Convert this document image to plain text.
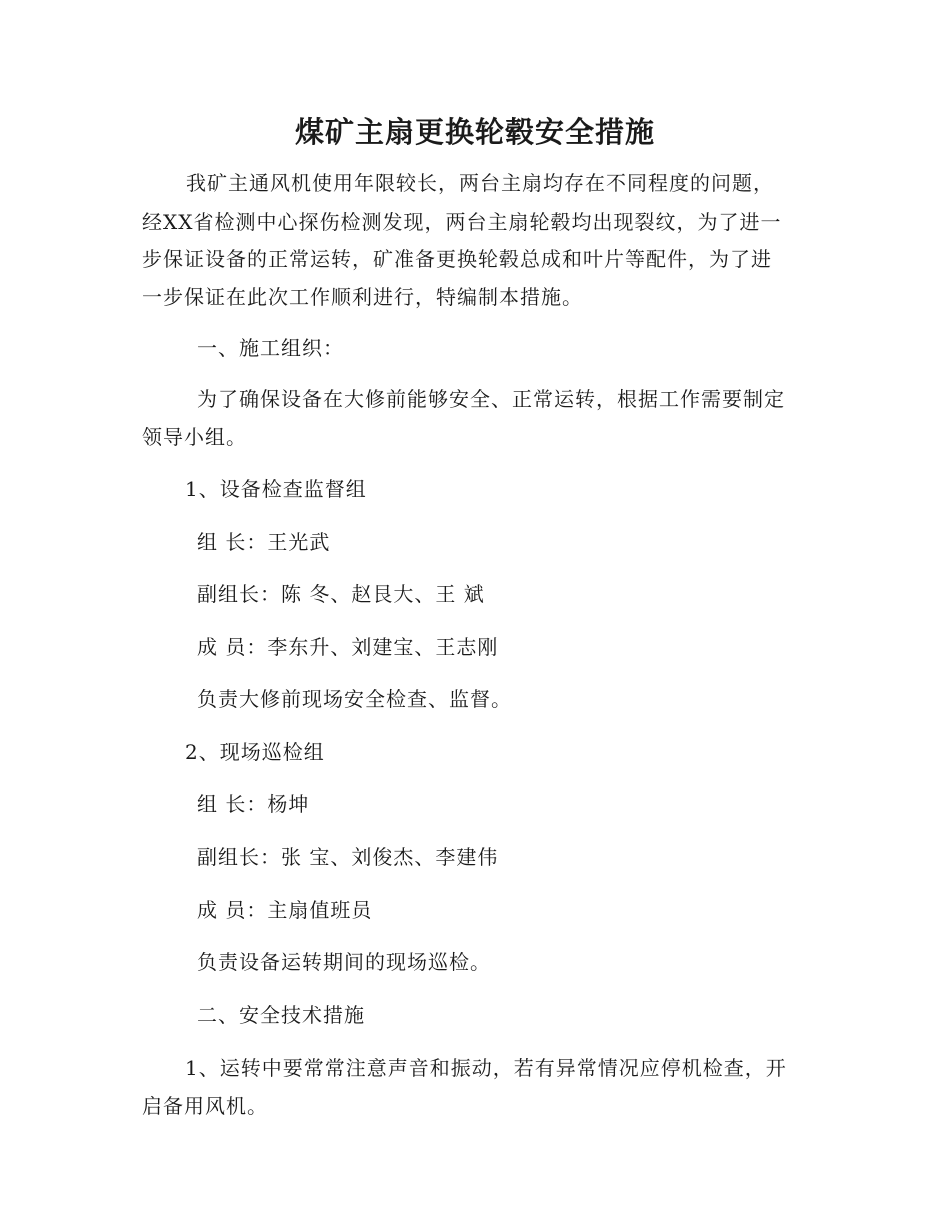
煤矿主扇更换轮毂安全措施
我矿主通风机使用年限较长，两台主扇均存在不同程度的问题，
经XX省检测中心探伤检测发现，两台主扇轮毂均出现裂纹，为了进一
步保证设备的正常运转，矿准备更换轮毂总成和叶片等配件，为了进
一步保证在此次工作顺利进行，特编制本措施。
一、施工组织：
为了确保设备在大修前能够安全、正常运转，根据工作需要制定
领导小组。
1、设备检查监督组
组 长：王光武
副组长：陈 冬、赵艮大、王 斌
成 员：李东升、刘建宝、王志刚
负责大修前现场安全检查、监督。
2、现场巡检组
组 长：杨坤
副组长：张 宝、刘俊杰、李建伟
成 员：主扇值班员
负责设备运转期间的现场巡检。
二、安全技术措施
1、运转中要常常注意声音和振动，若有异常情况应停机检查，开
启备用风机。
